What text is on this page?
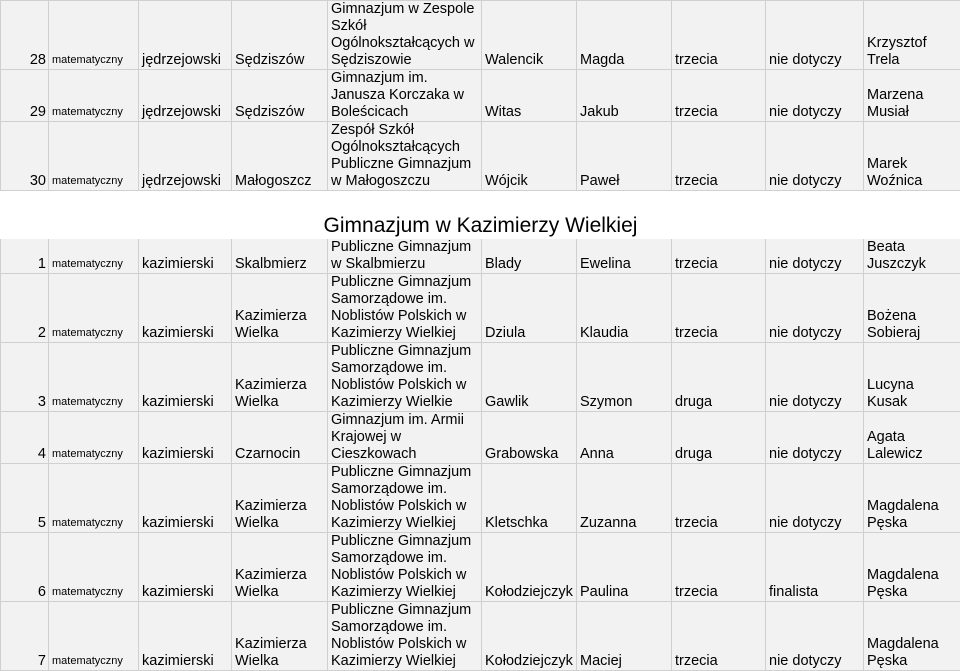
28	matematyczny	jędrzejowski	Sędziszów	Gimnazjum w Zespole Szkół Ogólnokształcących w Sędziszowie	Walencik	Magda	trzecia	nie dotyczy	Krzysztof Trela
29	matematyczny	jędrzejowski	Sędziszów	Gimnazjum im. Janusza Korczaka w Boleścicach	Witas	Jakub	trzecia	nie dotyczy	Marzena Musiał
30	matematyczny	jędrzejowski	Małogoszcz	Zespół Szkół Ogólnokształcących Publiczne Gimnazjum w Małogoszczu	Wójcik	Paweł	trzecia	nie dotyczy	Marek Woźnica

Gimnazjum w Kazimierzy Wielkiej									
1	matematyczny	kazimierski	Skalbmierz	Publiczne Gimnazjum w Skalbmierzu	Blady	Ewelina	trzecia	nie dotyczy	Beata Juszczyk
2	matematyczny	kazimierski	Kazimierza Wielka	Publiczne Gimnazjum Samorządowe im. Noblistów Polskich w Kazimierzy Wielkiej	Dziula	Klaudia	trzecia	nie dotyczy	Bożena Sobieraj
3	matematyczny	kazimierski	Kazimierza Wielka	Publiczne Gimnazjum Samorządowe im. Noblistów Polskich w Kazimierzy Wielkie	Gawlik	Szymon	druga	nie dotyczy	Lucyna Kusak
4	matematyczny	kazimierski	Czarnocin	Gimnazjum im. Armii Krajowej w Cieszkowach	Grabowska	Anna	druga	nie dotyczy	Agata Lalewicz
5	matematyczny	kazimierski	Kazimierza Wielka	Publiczne Gimnazjum Samorządowe im. Noblistów Polskich w Kazimierzy Wielkiej	Kletschka	Zuzanna	trzecia	nie dotyczy	Magdalena Pęska
6	matematyczny	kazimierski	Kazimierza Wielka	Publiczne Gimnazjum Samorządowe im. Noblistów Polskich w Kazimierzy Wielkiej	Kołodziejczyk	Paulina	trzecia	finalista	Magdalena Pęska
7	matematyczny	kazimierski	Kazimierza Wielka	Publiczne Gimnazjum Samorządowe im. Noblistów Polskich w Kazimierzy Wielkiej	Kołodziejczyk	Maciej	trzecia	nie dotyczy	Magdalena Pęska
